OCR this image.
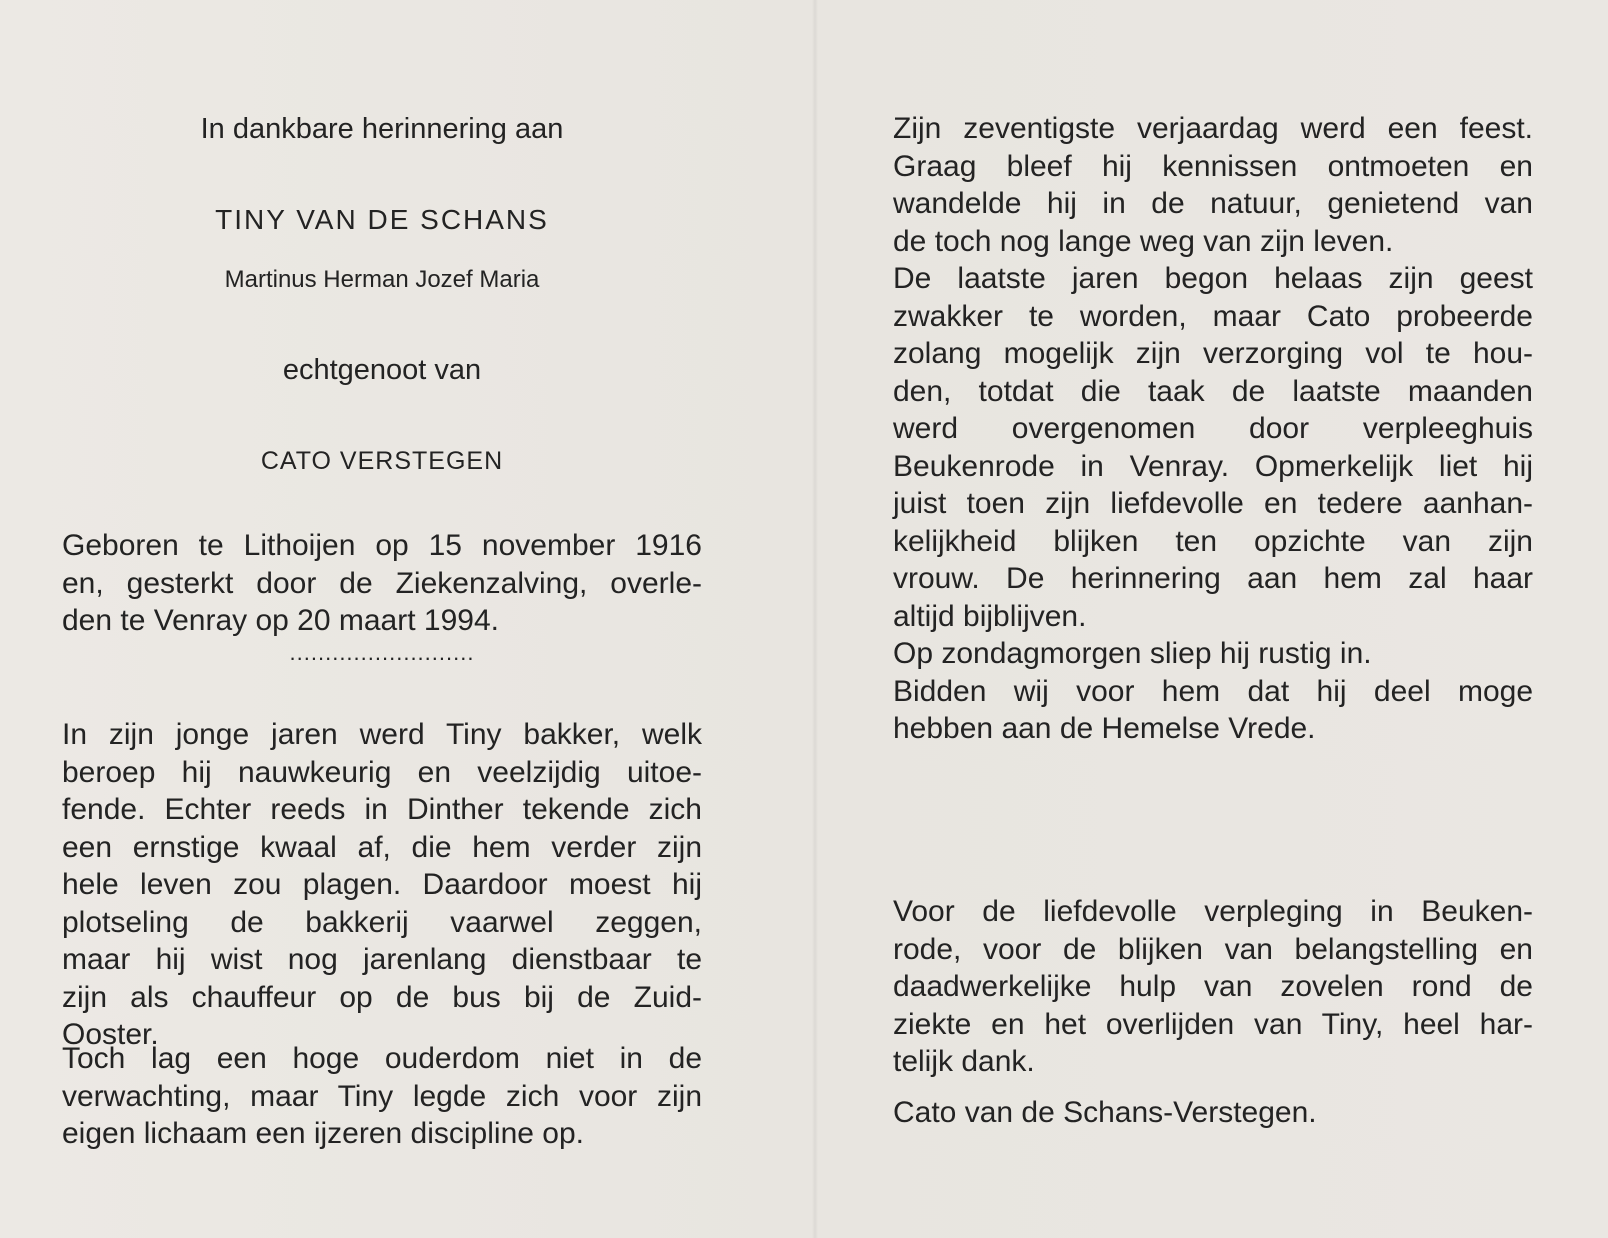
In dankbare herinnering aan
TINY VAN DE SCHANS
Martinus Herman Jozef Maria
echtgenoot van
CATO VERSTEGEN
Geboren te Lithoijen op 15 november 1916
en, gesterkt door de Ziekenzalving, overle-
den te Venray op 20 maart 1994.
..........................
In zijn jonge jaren werd Tiny bakker, welk
beroep hij nauwkeurig en veelzijdig uitoe-
fende. Echter reeds in Dinther tekende zich
een ernstige kwaal af, die hem verder zijn
hele leven zou plagen. Daardoor moest hij
plotseling de bakkerij vaarwel zeggen,
maar hij wist nog jarenlang dienstbaar te
zijn als chauffeur op de bus bij de Zuid-
Ooster.
Toch lag een hoge ouderdom niet in de
verwachting, maar Tiny legde zich voor zijn
eigen lichaam een ijzeren discipline op.
Zijn zeventigste verjaardag werd een feest.
Graag bleef hij kennissen ontmoeten en
wandelde hij in de natuur, genietend van
de toch nog lange weg van zijn leven.
De laatste jaren begon helaas zijn geest
zwakker te worden, maar Cato probeerde
zolang mogelijk zijn verzorging vol te hou-
den, totdat die taak de laatste maanden
werd overgenomen door verpleeghuis
Beukenrode in Venray. Opmerkelijk liet hij
juist toen zijn liefdevolle en tedere aanhan-
kelijkheid blijken ten opzichte van zijn
vrouw. De herinnering aan hem zal haar
altijd bijblijven.
Op zondagmorgen sliep hij rustig in.
Bidden wij voor hem dat hij deel moge
hebben aan de Hemelse Vrede.
Voor de liefdevolle verpleging in Beuken-
rode, voor de blijken van belangstelling en
daadwerkelijke hulp van zovelen rond de
ziekte en het overlijden van Tiny, heel har-
telijk dank.
Cato van de Schans-Verstegen.
